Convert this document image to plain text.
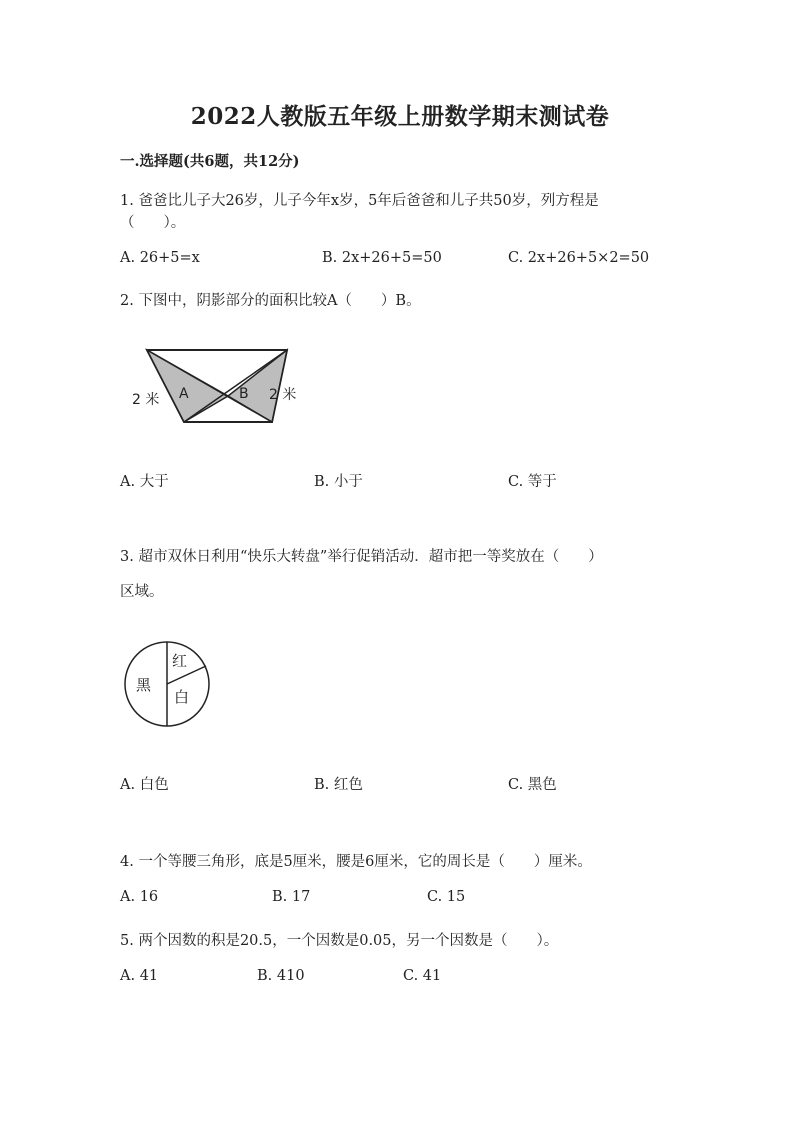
2022人教版五年级上册数学期末测试卷
一.选择题(共6题，共12分)
1. 爸爸比儿子大26岁，儿子今年x岁，5年后爸爸和儿子共50岁，列方程是
（　　）。
A. 26+5=x	B. 2x+26+5=50	C. 2x+26+5×2=50
2. 下图中，阴影部分的面积比较A（　　）B。
A	B
2 米	2 米
A. 大于	B. 小于	C. 等于
3. 超市双休日利用“快乐大转盘”举行促销活动．超市把一等奖放在（　　）
区域。
黑
红
白
A. 白色	B. 红色	C. 黑色
4. 一个等腰三角形，底是5厘米，腰是6厘米，它的周长是（　　）厘米。
A. 16	B. 17	C. 15
5. 两个因数的积是20.5，一个因数是0.05，另一个因数是（　　）。
A. 41	B. 410	C. 41
